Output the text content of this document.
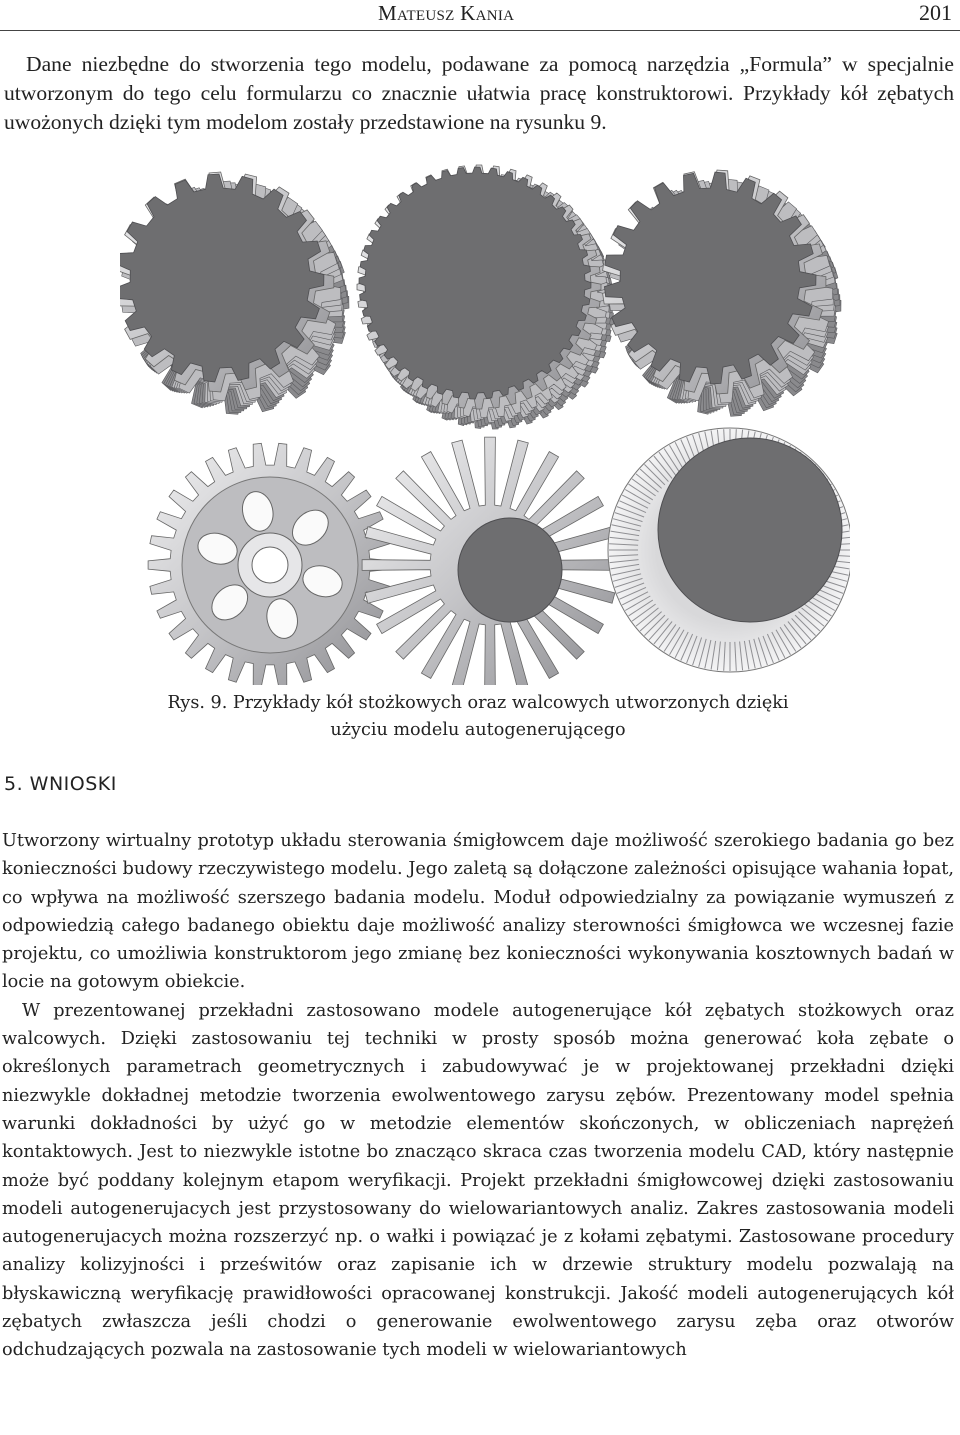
Mateusz Kania	201

Dane niezbędne do stworzenia tego modelu, podawane za pomocą narzędzia „Formula” w specjalnie utworzonym do tego celu formularzu co znacznie ułatwia pracę konstruktorowi. Przykłady kół zębatych uwożonych dzięki tym modelom zostały przedstawione na rysunku 9.

Rys. 9. Przykłady kół stożkowych oraz walcowych utworzonych dzięki
użyciu modelu autogenerującego
5. WNIOSKI

Utworzony wirtualny prototyp układu sterowania śmigłowcem daje możliwość szerokiego badania go bez konieczności budowy rzeczywistego modelu. Jego zaletą są dołączone zależności opisujące wahania łopat, co wpływa na możliwość szerszego badania modelu. Moduł odpowiedzialny za powiązanie wymuszeń z odpowiedzią całego badanego obiektu daje możliwość analizy sterowności śmigłowca we wczesnej fazie projektu, co umożliwia konstruktorom jego zmianę bez konieczności wykonywania kosztownych badań w locie na gotowym obiekcie.

W prezentowanej przekładni zastosowano modele autogenerujące kół zębatych stożkowych oraz walcowych. Dzięki zastosowaniu tej techniki w prosty sposób można generować koła zębate o określonych parametrach geometrycznych i zabudowywać je w projektowanej przekładni dzięki niezwykle dokładnej metodzie tworzenia ewolwentowego zarysu zębów. Prezentowany model spełnia warunki dokładności by użyć go w metodzie elementów skończonych, w obliczeniach naprężeń kontaktowych. Jest to niezwykle istotne bo znacząco skraca czas tworzenia modelu CAD, który następnie może być poddany kolejnym etapom weryfikacji. Projekt przekładni śmigłowcowej dzięki zastosowaniu modeli autogenerujacych jest przystosowany do wielowariantowych analiz. Zakres zastosowania modeli autogenerujacych można rozszerzyć np. o wałki i powiązać je z kołami zębatymi. Zastosowane procedury analizy kolizyjności i prześwitów oraz zapisanie ich w drzewie struktury modelu pozwalają na błyskawiczną weryfikację prawidłowości opracowanej konstrukcji. Jakość modeli autogenerujących kół zębatych zwłaszcza jeśli chodzi o generowanie ewolwentowego zarysu zęba oraz otworów odchudzających pozwala na zastosowanie tych modeli w wielowariantowych
